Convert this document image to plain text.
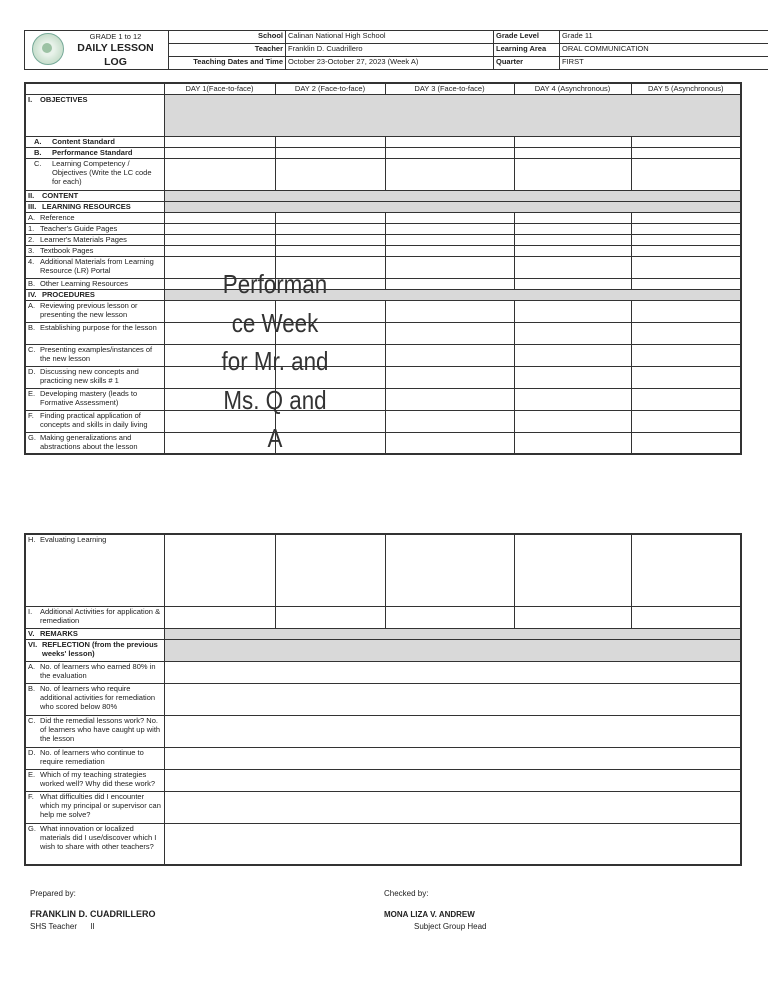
GRADE 1 to 12
DAILY LESSON LOG	School	Calinan National High School	Grade Level	Grade 11
	Teacher	Franklin D. Cuadrillero	Learning Area	ORAL COMMUNICATION
	Teaching Dates and Time	October 23-October 27, 2023 (Week A)	Quarter	FIRST
	DAY 1(Face-to-face)	DAY 2 (Face-to-face)	DAY 3 (Face-to-face)	DAY 4 (Asynchronous)	DAY 5 (Asynchronous)

I. OBJECTIVES					

A. Content Standard					

B. Performance Standard					

C. Learning Competency / Objectives (Write the LC code for each)					

II. CONTENT					

III. LEARNING RESOURCES					

A. Reference					

1. Teacher's Guide Pages					

2. Learner's Materials Pages					

3. Textbook Pages					

4. Additional Materials from Learning Resource (LR) Portal					

B. Other Learning Resources					

IV. PROCEDURES					

A. Reviewing previous lesson or presenting the new lesson					

B. Establishing purpose for the lesson					

C. Presenting examples/instances of the new lesson					

D. Discussing new concepts and practicing new skills # 1					

E. Developing mastery (leads to Formative Assessment)					

F. Finding practical application of concepts and skills in daily living					

G. Making generalizations and abstractions about the lesson					

H. Evaluating Learning					

I. Additional Activities for application & remediation					

V. REMARKS					

VI. REFLECTION (from the previous weeks' lesson)					

A. No. of learners who earned 80% in the evaluation					

B. No. of learners who require additional activities for remediation who scored below 80%					

C. Did the remedial lessons work? No. of learners who have caught up with the lesson					

D. No. of learners who continue to require remediation					

E. Which of my teaching strategies worked well? Why did these work?					

F. What difficulties did I encounter which my principal or supervisor can help me solve?					

G. What innovation or localized materials did I use/discover which I wish to share with other teachers?					

Performan
ce Week
for Mr. and
Ms. Q and
A
Prepared by:
FRANKLIN D. CUADRILLERO
SHS Teacher      II
Checked by:
MONA LIZA V. ANDREW
Subject Group Head
